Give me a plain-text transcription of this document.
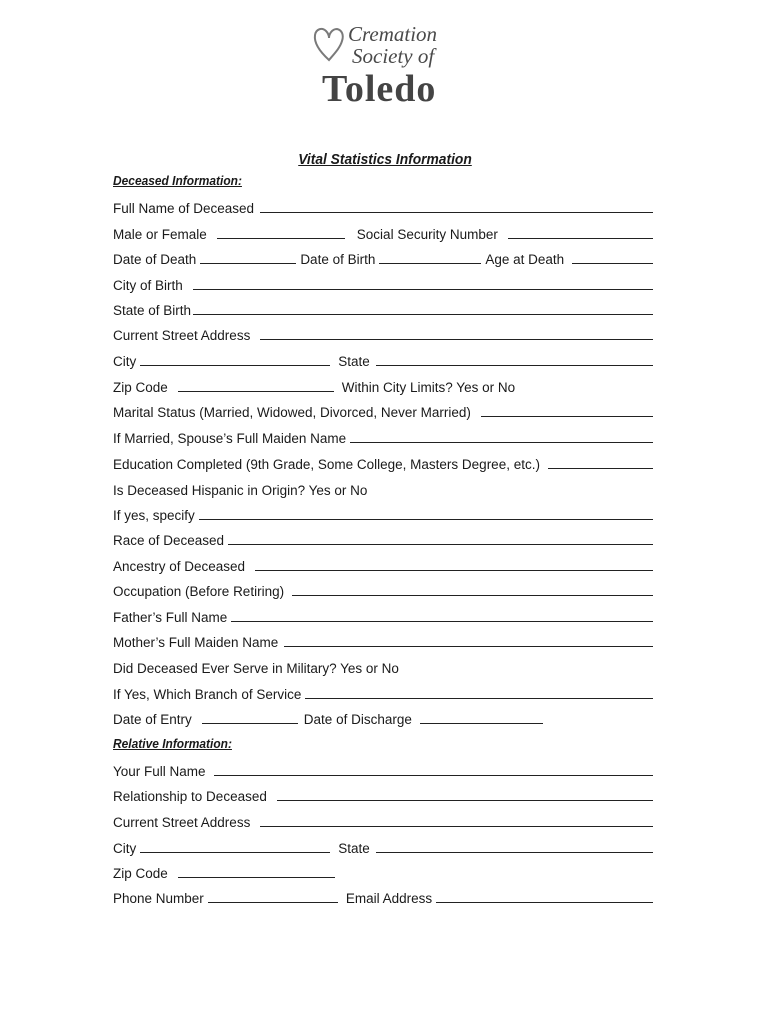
Cremation
Society of
Toledo
Vital Statistics Information
Deceased Information:
Full Name of Deceased
Male or Female	Social Security Number
Date of Death	Date of Birth	Age at Death
City of Birth
State of Birth
Current Street Address
City	State
Zip Code	Within City Limits? Yes or No
Marital Status (Married, Widowed, Divorced, Never Married)
If Married, Spouse’s Full Maiden Name
Education Completed (9th Grade, Some College, Masters Degree, etc.)
Is Deceased Hispanic in Origin? Yes or No
If yes, specify
Race of Deceased
Ancestry of Deceased
Occupation (Before Retiring)
Father’s Full Name
Mother’s Full Maiden Name
Did Deceased Ever Serve in Military? Yes or No
If Yes, Which Branch of Service
Date of Entry	Date of Discharge
Relative Information:
Your Full Name
Relationship to Deceased
Current Street Address
City	State
Zip Code
Phone Number	Email Address
